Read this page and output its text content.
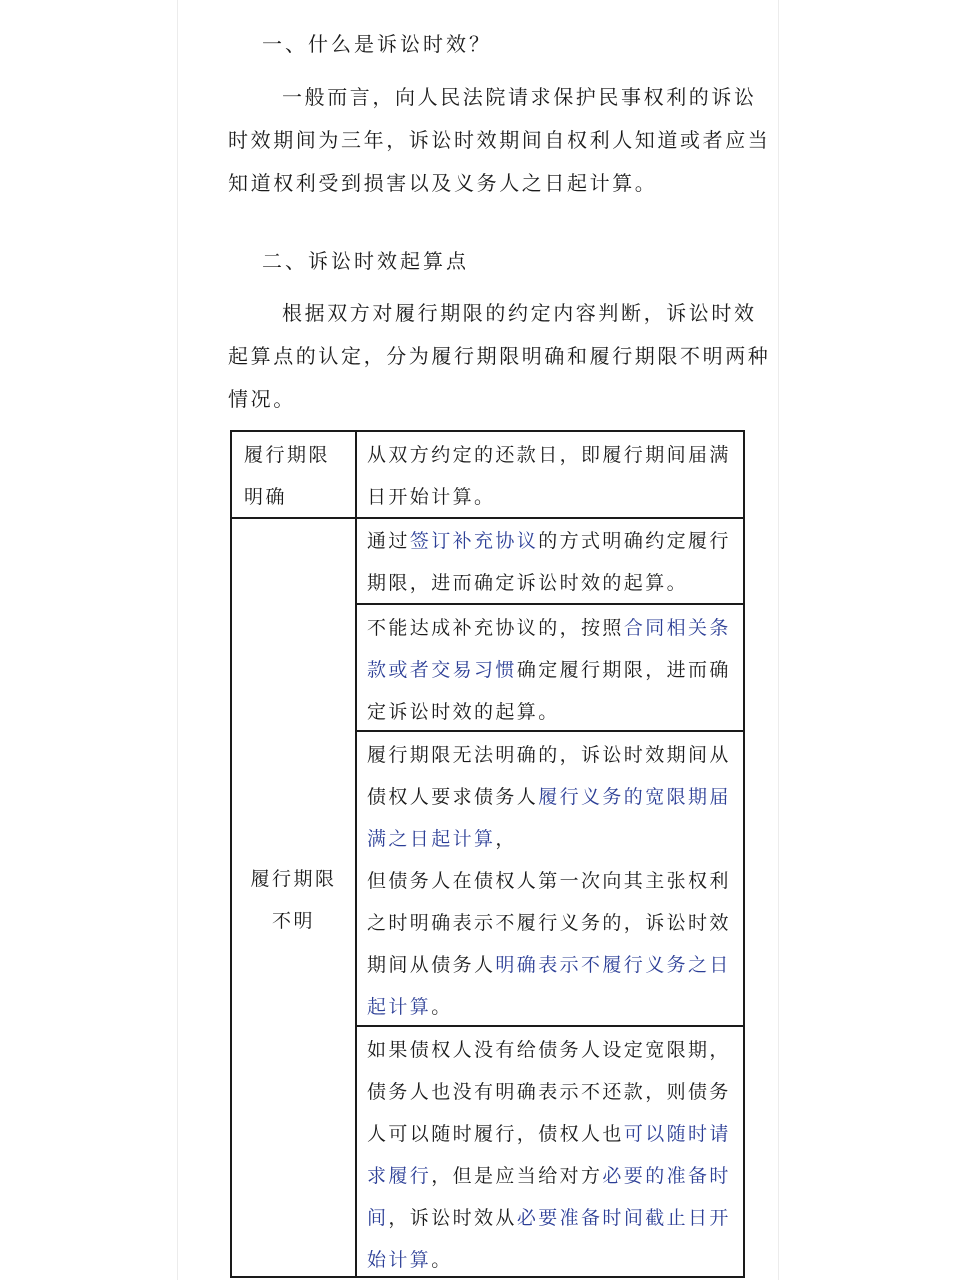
一、什么是诉讼时效？
一般而言，向人民法院请求保护民事权利的诉讼
时效期间为三年，诉讼时效期间自权利人知道或者应当
知道权利受到损害以及义务人之日起计算。
二、诉讼时效起算点
根据双方对履行期限的约定内容判断，诉讼时效
起算点的认定，分为履行期限明确和履行期限不明两种
情况。
履行期限
明确
从双方约定的还款日，即履行期间届满
日开始计算。
履行期限
不明
通过签订补充协议的方式明确约定履行
期限，进而确定诉讼时效的起算。
不能达成补充协议的，按照合同相关条
款或者交易习惯确定履行期限，进而确
定诉讼时效的起算。
履行期限无法明确的，诉讼时效期间从
债权人要求债务人履行义务的宽限期届
满之日起计算，
但债务人在债权人第一次向其主张权利
之时明确表示不履行义务的，诉讼时效
期间从债务人明确表示不履行义务之日
起计算。
如果债权人没有给债务人设定宽限期，
债务人也没有明确表示不还款，则债务
人可以随时履行，债权人也可以随时请
求履行，但是应当给对方必要的准备时
间，诉讼时效从必要准备时间截止日开
始计算。
